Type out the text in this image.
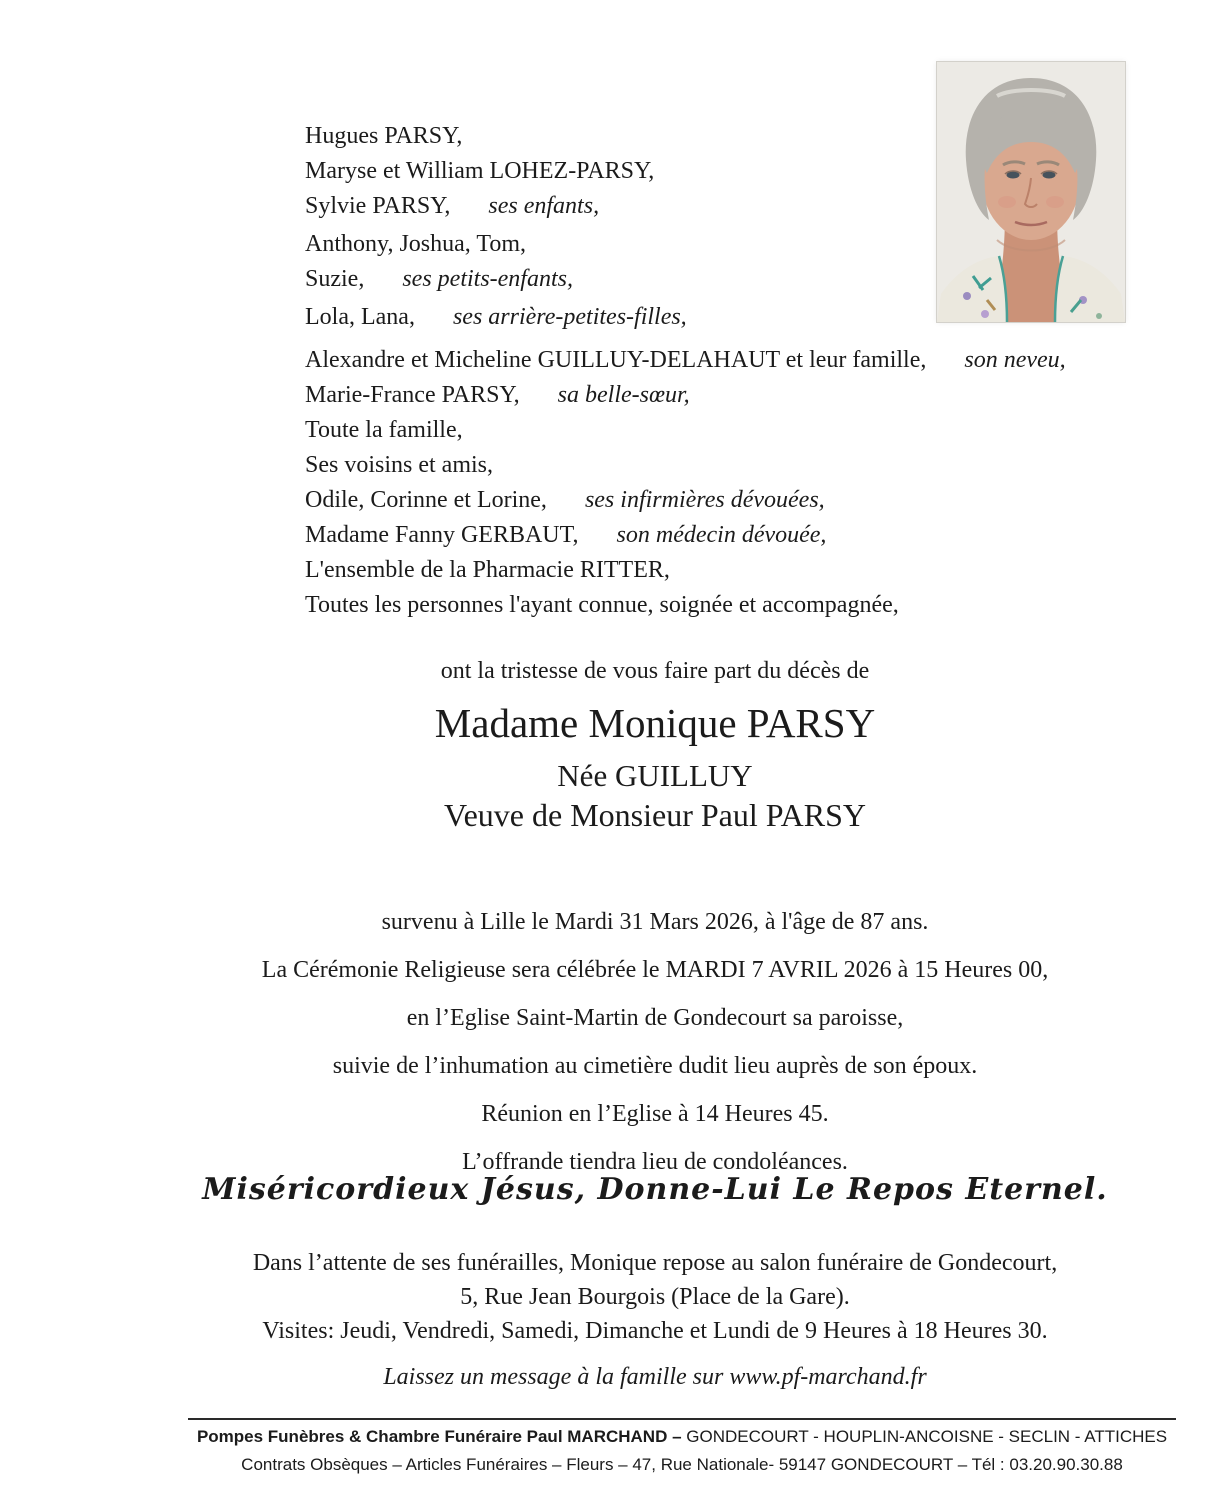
Hugues PARSY,
Maryse et William LOHEZ-PARSY,
Sylvie PARSY, ses enfants,
Anthony, Joshua, Tom,
Suzie, ses petits-enfants,
Lola, Lana, ses arrière-petites-filles,
Alexandre et Micheline GUILLUY-DELAHAUT et leur famille, son neveu,
Marie-France PARSY, sa belle-sœur,
Toute la famille,
Ses voisins et amis,
Odile, Corinne et Lorine, ses infirmières dévouées,
Madame Fanny GERBAUT, son médecin dévouée,
L'ensemble de la Pharmacie RITTER,
Toutes les personnes l'ayant connue, soignée et accompagnée,
ont la tristesse de vous faire part du décès de
Madame Monique PARSY
Née GUILLUY
Veuve de Monsieur Paul PARSY
survenu à Lille le Mardi 31 Mars 2026, à l'âge de 87 ans.
La Cérémonie Religieuse sera célébrée le MARDI 7 AVRIL 2026 à 15 Heures 00,
en l’Eglise Saint-Martin de Gondecourt sa paroisse,
suivie de l’inhumation au cimetière dudit lieu auprès de son époux.
Réunion en l’Eglise à 14 Heures 45.
L’offrande tiendra lieu de condoléances.
Miséricordieux Jésus, Donne-Lui Le Repos Eternel.
Dans l’attente de ses funérailles, Monique repose au salon funéraire de Gondecourt,
5, Rue Jean Bourgois (Place de la Gare).
Visites: Jeudi, Vendredi, Samedi, Dimanche et Lundi de 9 Heures à 18 Heures 30.
Laissez un message à la famille sur www.pf-marchand.fr
Pompes Funèbres & Chambre Funéraire Paul MARCHAND – GONDECOURT - HOUPLIN-ANCOISNE - SECLIN - ATTICHES
Contrats Obsèques – Articles Funéraires – Fleurs – 47, Rue Nationale- 59147 GONDECOURT – Tél : 03.20.90.30.88
